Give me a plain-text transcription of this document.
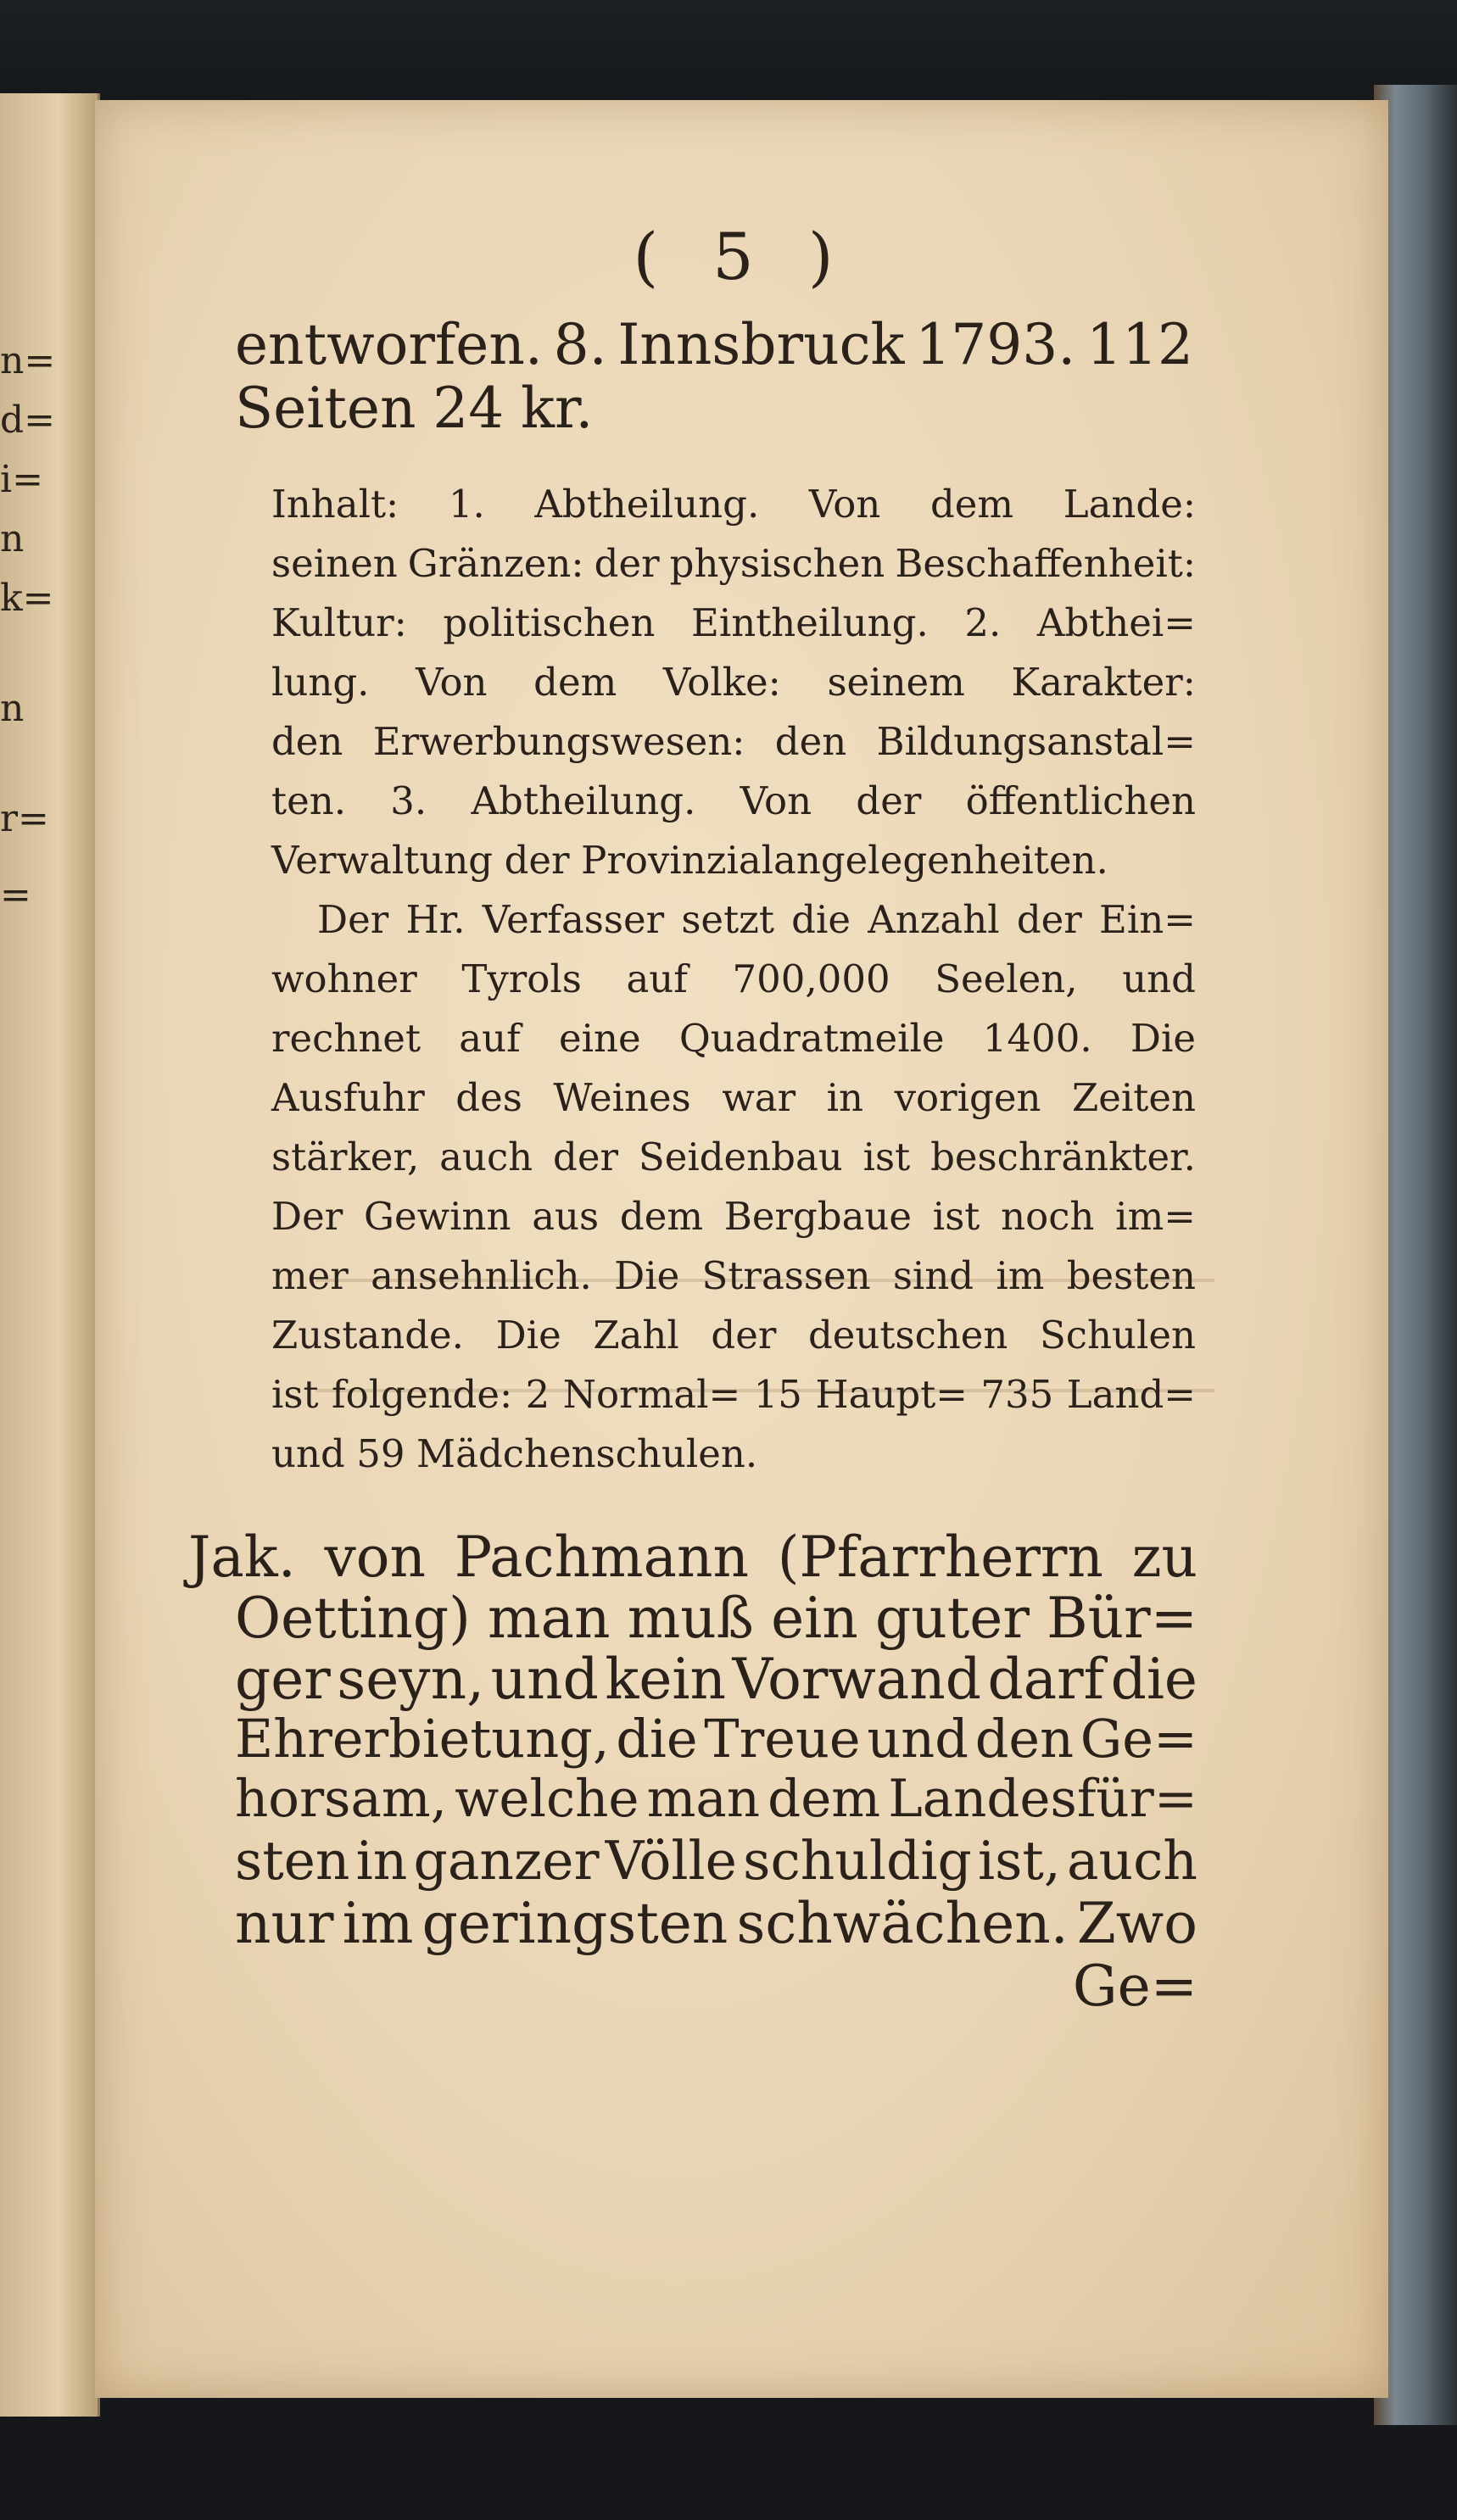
n=
d=
i=
n
k=
n
r=
=
( 5 )
entworfen. 8. Innsbruck 1793. 112
Seiten 24 kr.
Inhalt: 1. Abtheilung. Von dem Lande:
seinen Gränzen: der physischen Beschaffenheit:
Kultur: politischen Eintheilung. 2. Abthei=
lung. Von dem Volke: seinem Karakter:
den Erwerbungswesen: den Bildungsanstal=
ten. 3. Abtheilung. Von der öffentlichen
Verwaltung der Provinzialangelegenheiten.
Der Hr. Verfasser setzt die Anzahl der Ein=
wohner Tyrols auf 700,000 Seelen, und
rechnet auf eine Quadratmeile 1400. Die
Ausfuhr des Weines war in vorigen Zeiten
stärker, auch der Seidenbau ist beschränkter.
Der Gewinn aus dem Bergbaue ist noch im=
mer ansehnlich. Die Strassen sind im besten
Zustande. Die Zahl der deutschen Schulen
ist folgende: 2 Normal= 15 Haupt= 735 Land=
und 59 Mädchenschulen.
Jak. von Pachmann (Pfarrherrn zu
Oetting) man muß ein guter Bür=
ger seyn, und kein Vorwand darf die
Ehrerbietung, die Treue und den Ge=
horsam, welche man dem Landesfür=
sten in ganzer Völle schuldig ist, auch
nur im geringsten schwächen. Zwo
Ge=
